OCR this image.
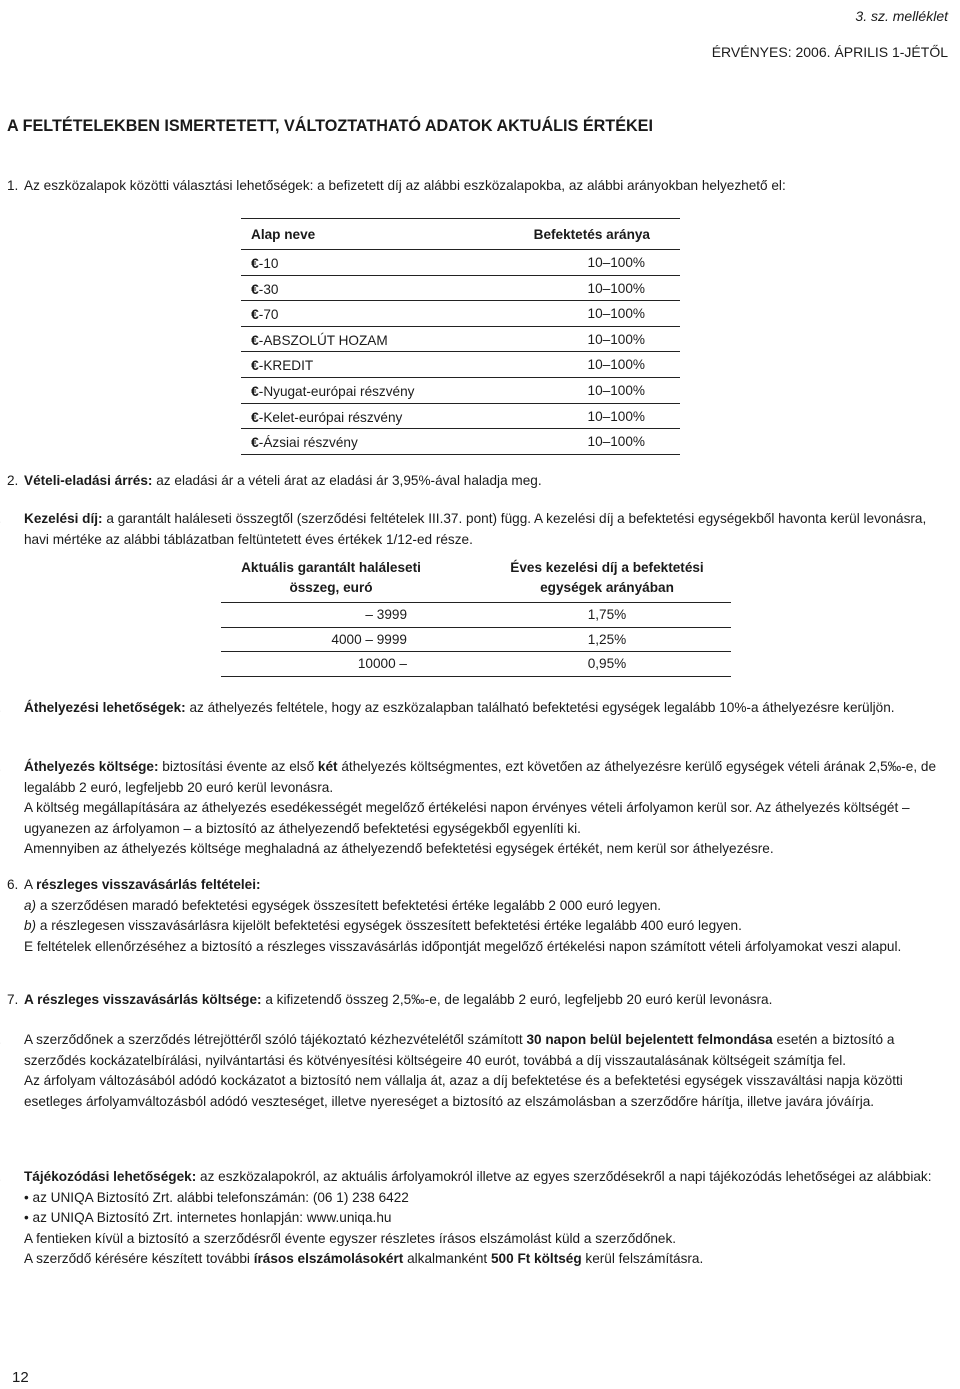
3. sz. melléklet
ÉRVÉNYES: 2006. ÁPRILIS 1-JÉTŐL
A FELTÉTELEKBEN ISMERTETETT, VÁLTOZTATHATÓ ADATOK AKTUÁLIS ÉRTÉKEI
1. Az eszközalapok közötti választási lehetőségek: a befizetett díj az alábbi eszközalapokba, az alábbi arányokban helyezhető el:
Alap neve	Befektetés aránya
€-10	10–100%
€-30	10–100%
€-70	10–100%
€-ABSZOLÚT HOZAM	10–100%
€-KREDIT	10–100%
€-Nyugat-európai részvény	10–100%
€-Kelet-európai részvény	10–100%
€-Ázsiai részvény	10–100%
2. Vételi-eladási árrés: az eladási ár a vételi árat az eladási ár 3,95%-ával haladja meg.

Kezelési díj: a garantált haláleseti összegtől (szerződési feltételek III.37. pont) függ. A kezelési díj a befektetési egységekből havonta kerül levonásra, havi mértéke az alábbi táblázatban feltüntetett éves értékek 1/12-ed része.

Aktuális garantált haláleseti összeg, euró
Éves kezelési díj a befektetési egységek arányában
– 3999	1,75%
4000 – 9999	1,25%
10000 –	0,95%

Áthelyezési lehetőségek: az áthelyezés feltétele, hogy az eszközalapban található befektetési egységek legalább 10%-a áthelyezésre kerüljön.

Áthelyezés költsége: biztosítási évente az első két áthelyezés költségmentes, ezt követően az áthelyezésre kerülő egységek vételi árának 2,5‰-e, de legalább 2 euró, legfeljebb 20 euró kerül levonásra.

A költség megállapítására az áthelyezés esedékességét megelőző értékelési napon érvényes vételi árfolyamon kerül sor. Az áthelyezés költségét – ugyanezen az árfolyamon – a biztosító az áthelyezendő befektetési egységekből egyenlíti ki.

Amennyiben az áthelyezés költsége meghaladná az áthelyezendő befektetési egységek értékét, nem kerül sor áthelyezésre.

6. A részleges visszavásárlás feltételei:

a) a szerződésen maradó befektetési egységek összesített befektetési értéke legalább 2 000 euró legyen.

b) a részlegesen visszavásárlásra kijelölt befektetési egységek összesített befektetési értéke legalább 400 euró legyen.

E feltételek ellenőrzéséhez a biztosító a részleges visszavásárlás időpontját megelőző értékelési napon számított vételi árfolyamokat veszi alapul.

7. A részleges visszavásárlás költsége: a kifizetendő összeg 2,5‰-e, de legalább 2 euró, legfeljebb 20 euró kerül levonásra.

A szerződőnek a szerződés létrejöttéről szóló tájékoztató kézhezvételétől számított 30 napon belül bejelentett felmondása esetén a biztosító a szerződés kockázatelbírálási, nyilvántartási és kötvényesítési költségeire 40 eurót, továbbá a díj visszautalásának költségeit számítja fel.

Az árfolyam változásából adódó kockázatot a biztosító nem vállalja át, azaz a díj befektetése és a befektetési egységek visszaváltási napja közötti esetleges árfolyamváltozásból adódó veszteséget, illetve nyereséget a biztosító az elszámolásban a szerződőre hárítja, illetve javára jóváírja.

Tájékozódási lehetőségek: az eszközalapokról, az aktuális árfolyamokról illetve az egyes szerződésekről a napi tájékozódás lehetőségei az alábbiak:

• az UNIQA Biztosító Zrt. alábbi telefonszámán: (06 1) 238 6422

• az UNIQA Biztosító Zrt. internetes honlapján: www.uniqa.hu

A fentieken kívül a biztosító a szerződésről évente egyszer részletes írásos elszámolást küld a szerződőnek.

A szerződő kérésére készített további írásos elszámolásokért alkalmanként 500 Ft költség kerül felszámításra.

12
